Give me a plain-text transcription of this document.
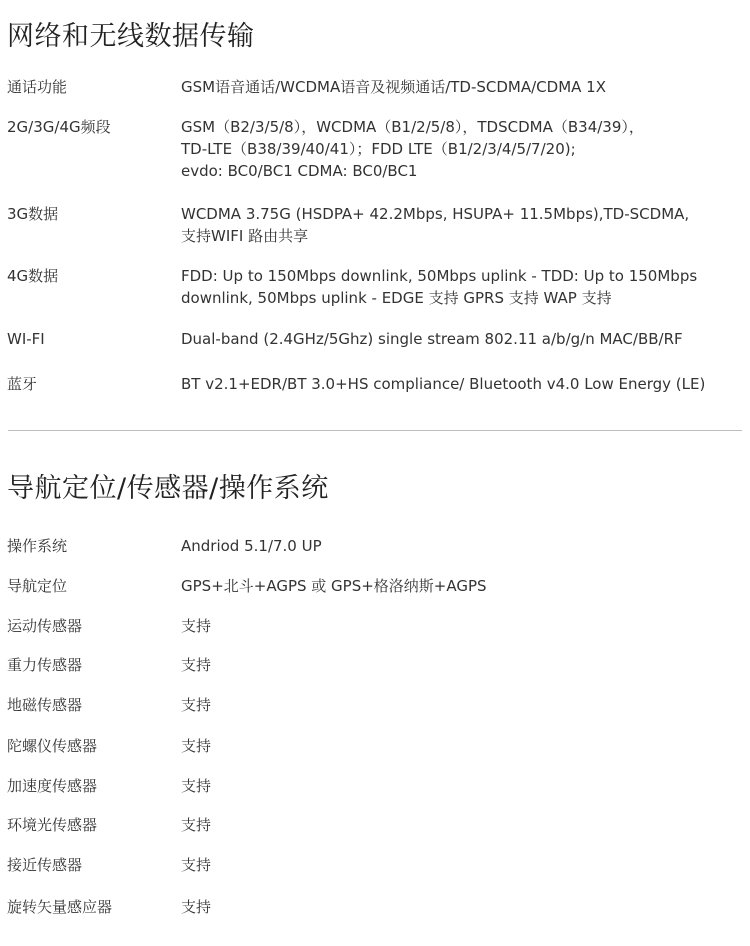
网络和无线数据传输
通话功能	GSM语音通话/WCDMA语音及视频通话/TD-SCDMA/CDMA 1X
2G/3G/4G频段	GSM（B2/3/5/8），WCDMA（B1/2/5/8），TDSCDMA（B34/39），
TD-LTE（B38/39/40/41）；FDD LTE（B1/2/3/4/5/7/20);
evdo: BC0/BC1 CDMA: BC0/BC1
3G数据	WCDMA 3.75G (HSDPA+ 42.2Mbps, HSUPA+ 11.5Mbps),TD-SCDMA,
支持WIFI 路由共享
4G数据	FDD: Up to 150Mbps downlink, 50Mbps uplink - TDD: Up to 150Mbps
downlink, 50Mbps uplink - EDGE 支持 GPRS 支持 WAP 支持
WI-FI	Dual-band (2.4GHz/5Ghz) single stream 802.11 a/b/g/n MAC/BB/RF
蓝牙	BT v2.1+EDR/BT 3.0+HS compliance/ Bluetooth v4.0 Low Energy (LE)
导航定位/传感器/操作系统
操作系统	Andriod 5.1/7.0 UP
导航定位	GPS+北斗+AGPS 或 GPS+格洛纳斯+AGPS
运动传感器	支持
重力传感器	支持
地磁传感器	支持
陀螺仪传感器	支持
加速度传感器	支持
环境光传感器	支持
接近传感器	支持
旋转矢量感应器	支持
